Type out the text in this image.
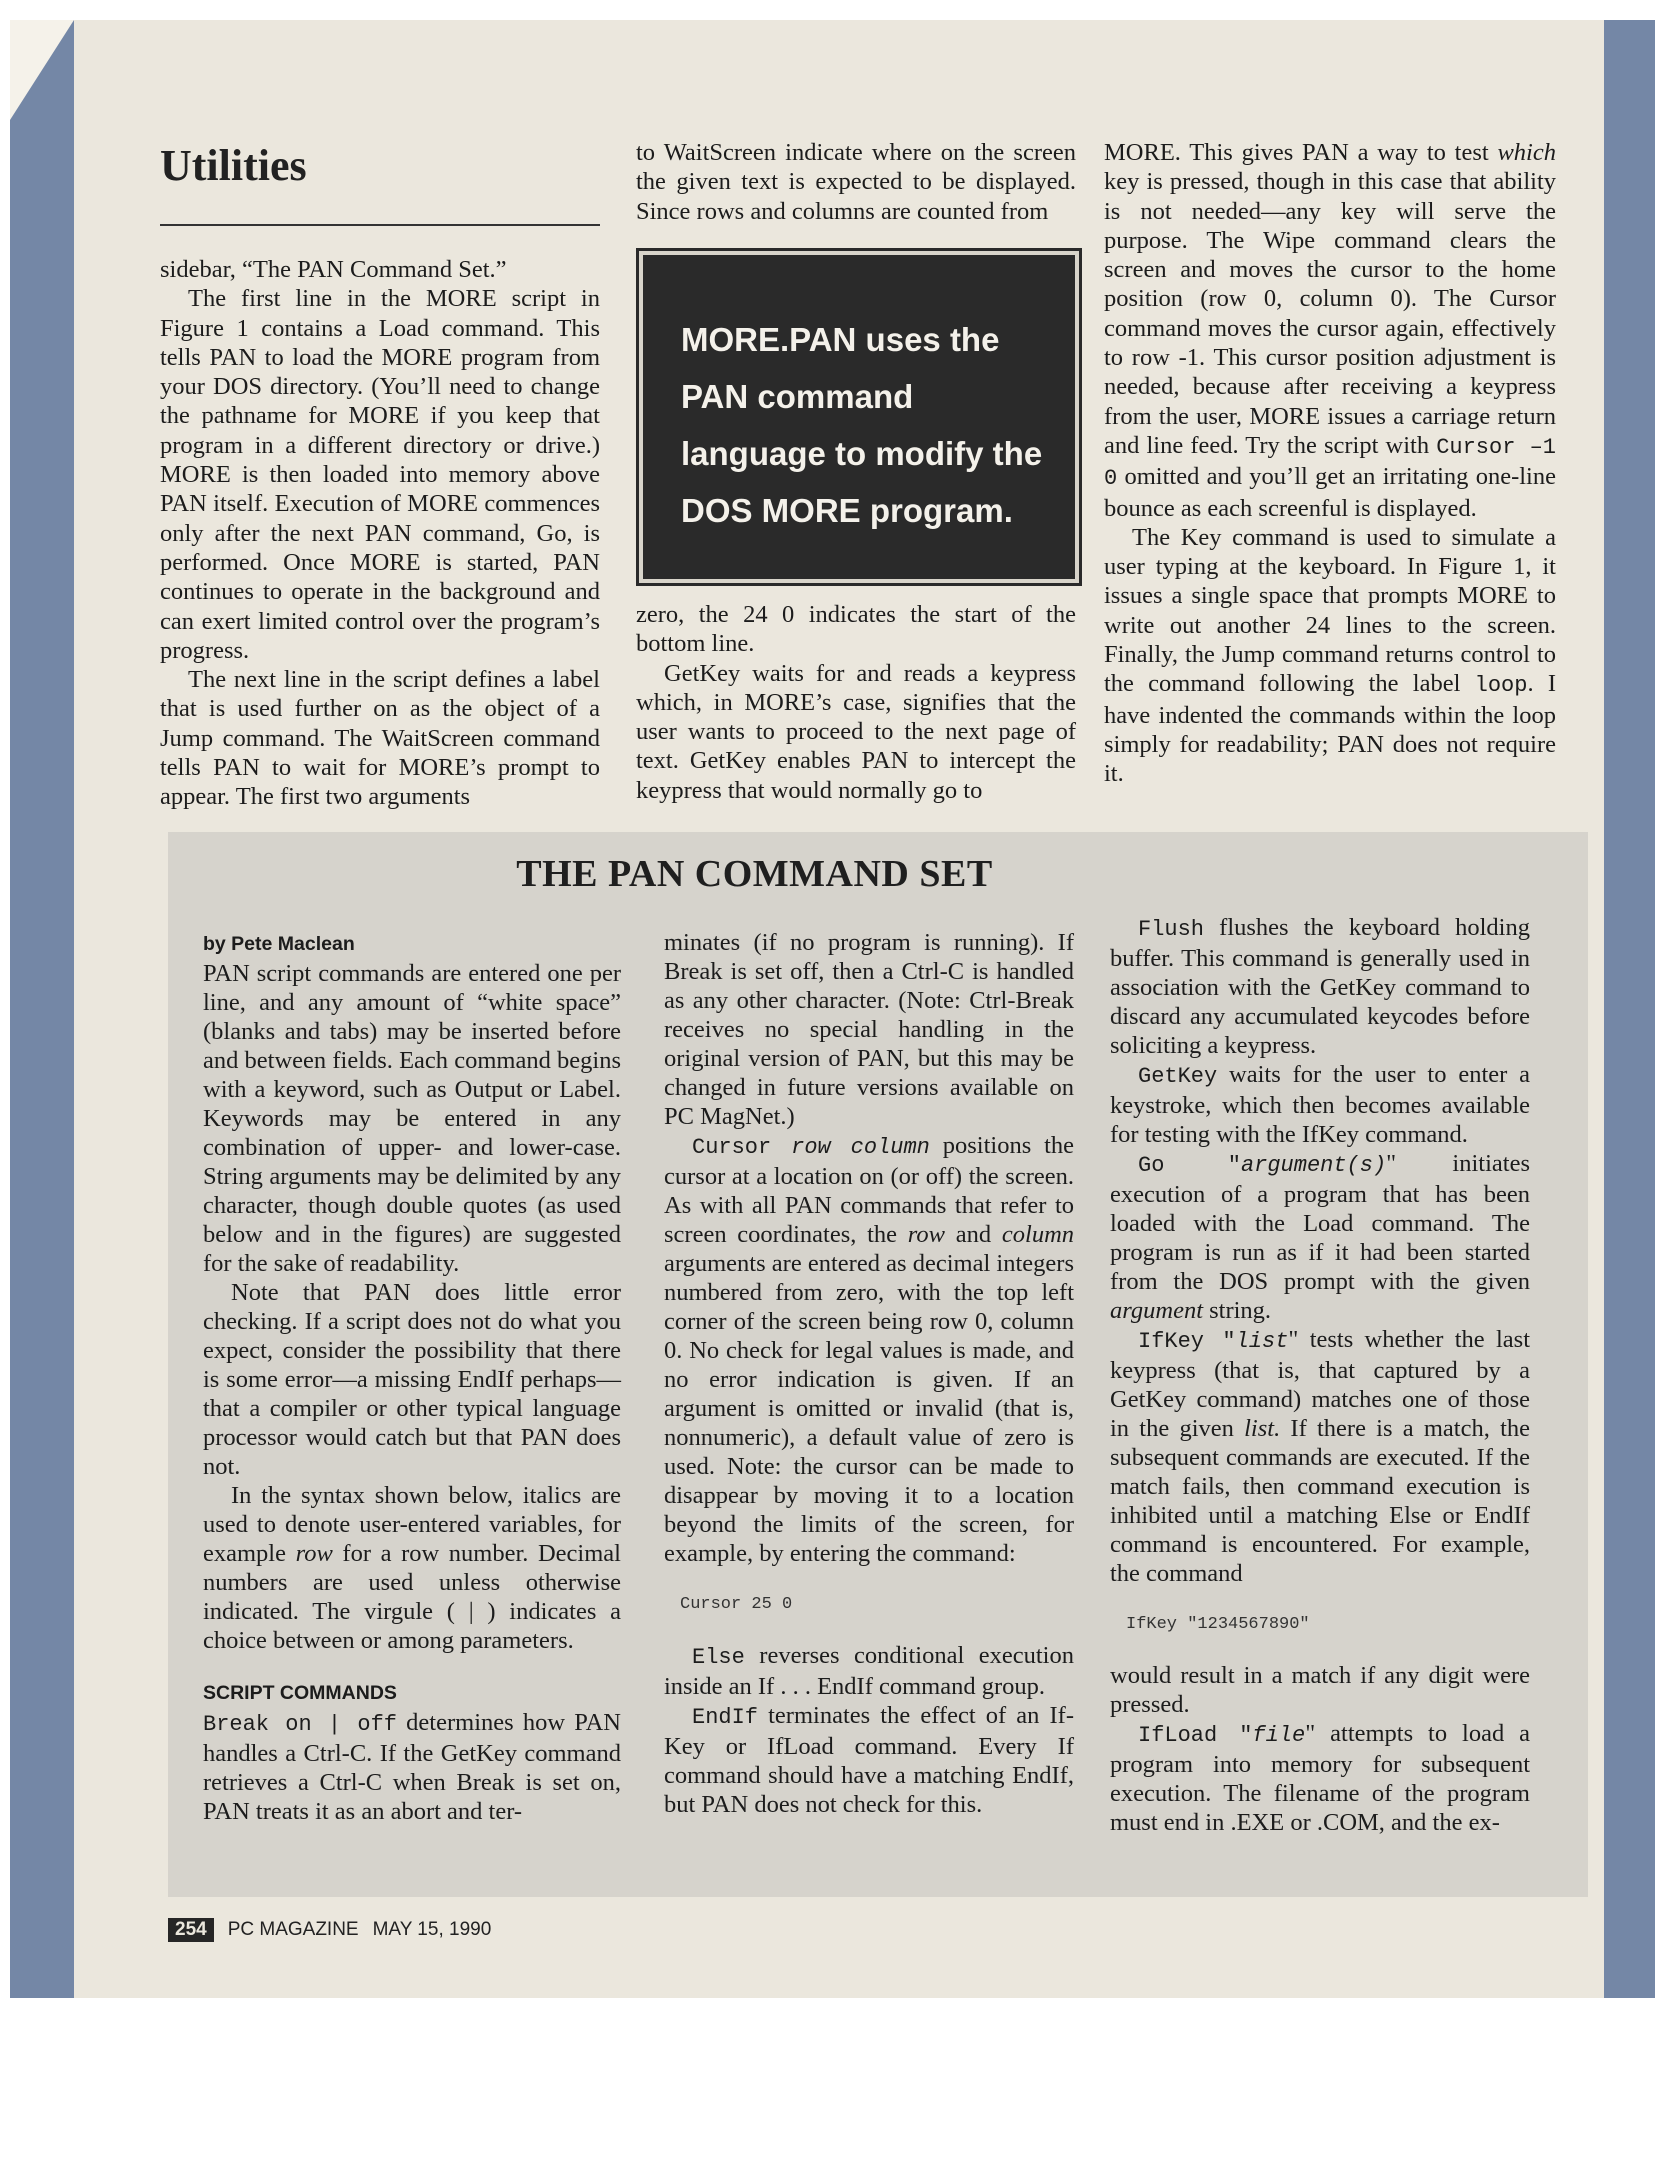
Utilities

sidebar, “The PAN Command Set.”

The first line in the MORE script in Figure 1 contains a Load command. This tells PAN to load the MORE program from your DOS directory. (You’ll need to change the pathname for MORE if you keep that program in a different directory or drive.) MORE is then loaded into memory above PAN itself. Execution of MORE commences only after the next PAN command, Go, is performed. Once MORE is started, PAN continues to operate in the background and can exert limited control over the program’s progress.

The next line in the script defines a label that is used further on as the object of a Jump command. The WaitScreen command tells PAN to wait for MORE’s prompt to appear. The first two arguments

to WaitScreen indicate where on the screen the given text is expected to be displayed. Since rows and columns are counted from

MORE.PAN uses the PAN command language to modify the DOS MORE program.

zero, the 24 0 indicates the start of the bottom line.

GetKey waits for and reads a keypress which, in MORE’s case, signifies that the user wants to proceed to the next page of text. GetKey enables PAN to intercept the keypress that would normally go to

MORE. This gives PAN a way to test which key is pressed, though in this case that ability is not needed—any key will serve the purpose. The Wipe command clears the screen and moves the cursor to the home position (row 0, column 0). The Cursor command moves the cursor again, effectively to row -1. This cursor position adjustment is needed, because after receiving a keypress from the user, MORE issues a carriage return and line feed. Try the script with Cursor –1 0 omitted and you’ll get an irritating one-line bounce as each screenful is displayed.

The Key command is used to simulate a user typing at the keyboard. In Figure 1, it issues a single space that prompts MORE to write out another 24 lines to the screen. Finally, the Jump command returns control to the command following the label loop. I have indented the commands within the loop simply for readability; PAN does not require it.

THE PAN COMMAND SET

by Pete Maclean

PAN script commands are entered one per line, and any amount of “white space” (blanks and tabs) may be inserted before and between fields. Each command begins with a keyword, such as Output or Label. Keywords may be entered in any combination of upper- and lower-case. String arguments may be delimited by any character, though double quotes (as used below and in the figures) are suggested for the sake of readability.

Note that PAN does little error checking. If a script does not do what you expect, consider the possibility that there is some error—a missing EndIf perhaps—that a compiler or other typical language processor would catch but that PAN does not.

In the syntax shown below, italics are used to denote user-entered variables, for example row for a row number. Decimal numbers are used unless otherwise indicated. The virgule ( | ) indicates a choice between or among parameters.

SCRIPT COMMANDS

Break on | off determines how PAN handles a Ctrl-C. If the GetKey command retrieves a Ctrl-C when Break is set on, PAN treats it as an abort and ter-

minates (if no program is running). If Break is set off, then a Ctrl-C is handled as any other character. (Note: Ctrl-Break receives no special handling in the original version of PAN, but this may be changed in future versions available on PC MagNet.)

Cursor row column positions the cursor at a location on (or off) the screen. As with all PAN commands that refer to screen coordinates, the row and column arguments are entered as decimal integers numbered from zero, with the top left corner of the screen being row 0, column 0. No check for legal values is made, and no error indication is given. If an argument is omitted or invalid (that is, nonnumeric), a default value of zero is used. Note: the cursor can be made to disappear by moving it to a location beyond the limits of the screen, for example, by entering the command:

Cursor 25 0

Else reverses conditional execution inside an If . . . EndIf command group.

EndIf terminates the effect of an If-Key or IfLoad command. Every If command should have a matching EndIf, but PAN does not check for this.

Flush flushes the keyboard holding buffer. This command is generally used in association with the GetKey command to discard any accumulated keycodes before soliciting a keypress.

GetKey waits for the user to enter a keystroke, which then becomes available for testing with the IfKey command.

Go "argument(s)" initiates execution of a program that has been loaded with the Load command. The program is run as if it had been started from the DOS prompt with the given argument string.

IfKey "list" tests whether the last keypress (that is, that captured by a GetKey command) matches one of those in the given list. If there is a match, the subsequent commands are executed. If the match fails, then command execution is inhibited until a matching Else or EndIf command is encountered. For example, the command

IfKey "1234567890"

would result in a match if any digit were pressed.

IfLoad "file" attempts to load a program into memory for subsequent execution. The filename of the program must end in .EXE or .COM, and the ex-

254	PC MAGAZINE MAY 15, 1990
